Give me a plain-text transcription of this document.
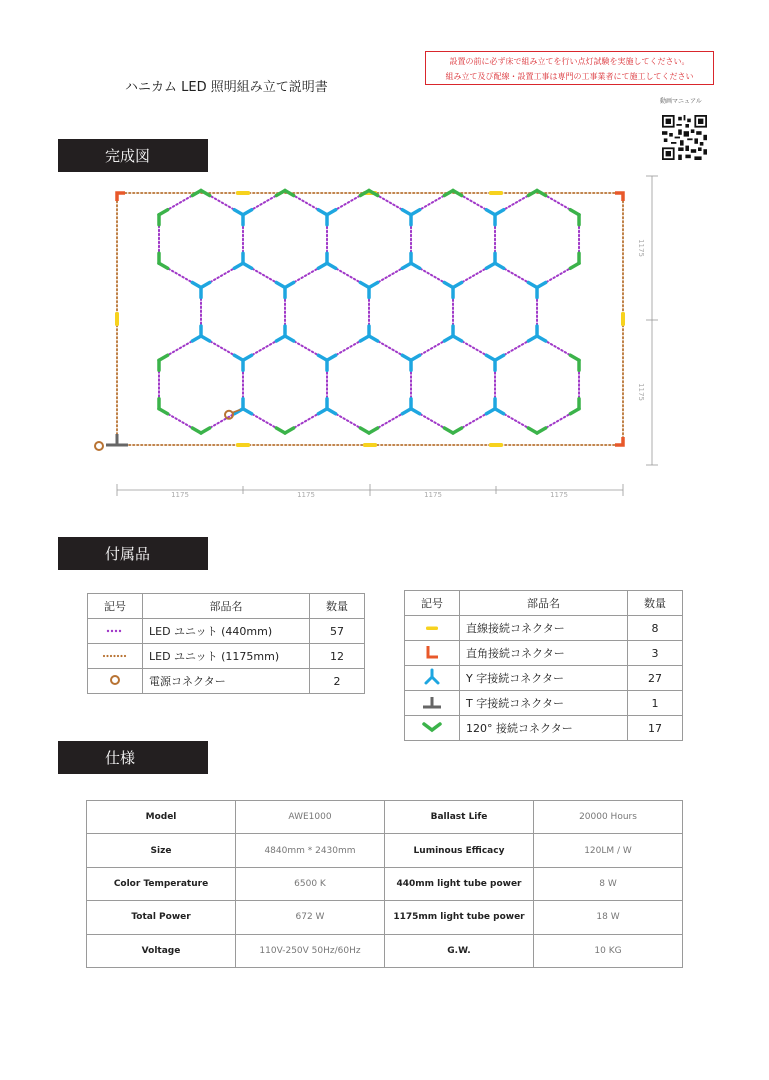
設置の前に必ず床で組み立てを行い点灯試験を実施してください。
組み立て及び配線・設置工事は専門の工事業者にて施工してください
ハニカム LED 照明組み立て説明書
動画マニュアル
完成図
1175	1175	1175	1175
1175
1175
付属品
記号	部品名	数量
	LED ユニット (440mm)	57
	LED ユニット (1175mm)	12
	電源コネクター	2
記号	部品名	数量
	直線接続コネクター	8
	直角接続コネクター	3
	Y 字接続コネクター	27
	T 字接続コネクター	1
	120° 接続コネクター	17
仕様
Model	AWE1000	Ballast Life	20000 Hours
Size	4840mm * 2430mm	Luminous Efficacy	120LM / W
Color Temperature	6500 K	440mm light tube power	8 W
Total Power	672 W	1175mm light tube power	18 W
Voltage	110V-250V 50Hz/60Hz	G.W.	10 KG
